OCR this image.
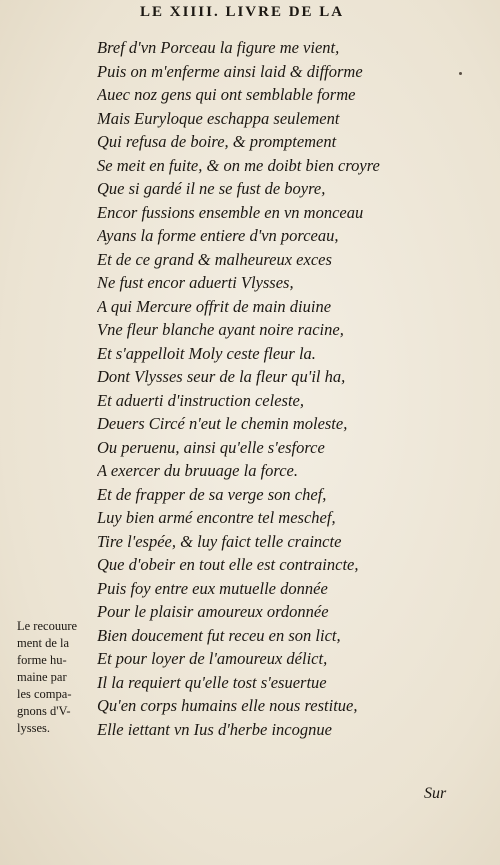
LE XIIII. LIVRE DE LA
Bref d'vn Porceau la figure me vient,
Puis on m'enferme ainsi laid & difforme
Auec noz gens qui ont semblable forme
Mais Euryloque eschappa seulement
Qui refusa de boire, & promptement
Se meit en fuite, & on me doibt bien croyre
Que si gardé il ne se fust de boyre,
Encor fussions ensemble en vn monceau
Ayans la forme entiere d'vn porceau,
Et de ce grand & malheureux exces
Ne fust encor aduerti Vlysses,
A qui Mercure offrit de main diuine
Vne fleur blanche ayant noire racine,
Et s'appelloit Moly ceste fleur la.
Dont Vlysses seur de la fleur qu'il ha,
Et aduerti d'instruction celeste,
Deuers Circé n'eut le chemin moleste,
Ou peruenu, ainsi qu'elle s'esforce
A exercer du bruuage la force.
Et de frapper de sa verge son chef,
Luy bien armé encontre tel meschef,
Tire l'espée, & luy faict telle craincte
Que d'obeir en tout elle est contraincte,
Puis foy entre eux mutuelle donnée
Pour le plaisir amoureux ordonnée
Bien doucement fut receu en son lict,
Et pour loyer de l'amoureux délict,
Il la requiert qu'elle tost s'esuertue
Qu'en corps humains elle nous restitue,
Elle iettant vn Ius d'herbe incognue
Le recouure
ment de la
forme hu-
maine par
les compa-
gnons d'V-
lysses.
Sur
